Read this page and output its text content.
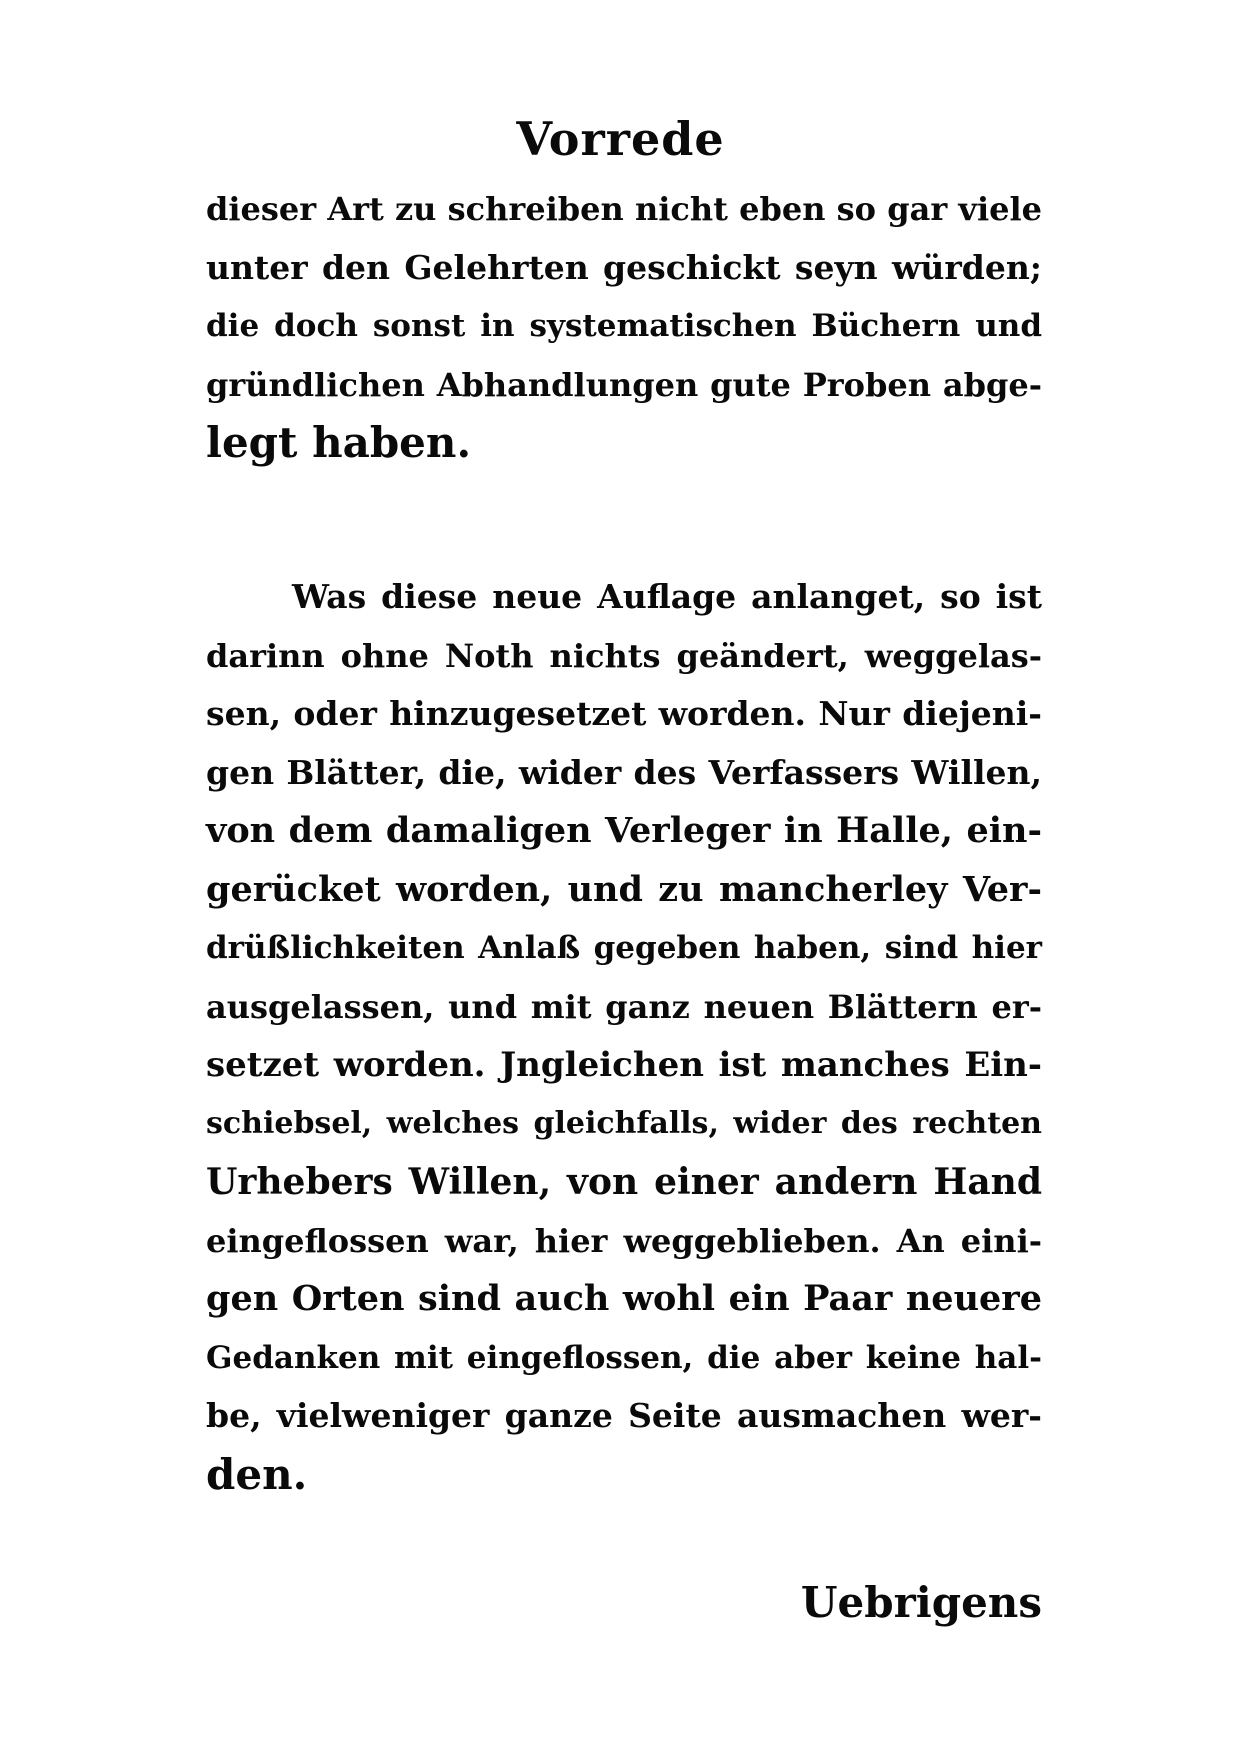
Vorrede
dieser Art zu schreiben nicht eben so gar viele
unter den Gelehrten geschickt seyn würden;
die doch sonst in systematischen Büchern und
gründlichen Abhandlungen gute Proben abge-
legt haben.
Was diese neue Auflage anlanget, so ist
darinn ohne Noth nichts geändert, weggelas-
sen, oder hinzugesetzet worden. Nur diejeni-
gen Blätter, die, wider des Verfassers Willen,
von dem damaligen Verleger in Halle, ein-
gerücket worden, und zu mancherley Ver-
drüßlichkeiten Anlaß gegeben haben, sind hier
ausgelassen, und mit ganz neuen Blättern er-
setzet worden. Jngleichen ist manches Ein-
schiebsel, welches gleichfalls, wider des rechten
Urhebers Willen, von einer andern Hand
eingeflossen war, hier weggeblieben. An eini-
gen Orten sind auch wohl ein Paar neuere
Gedanken mit eingeflossen, die aber keine hal-
be, vielweniger ganze Seite ausmachen wer-
den.
Uebrigens
